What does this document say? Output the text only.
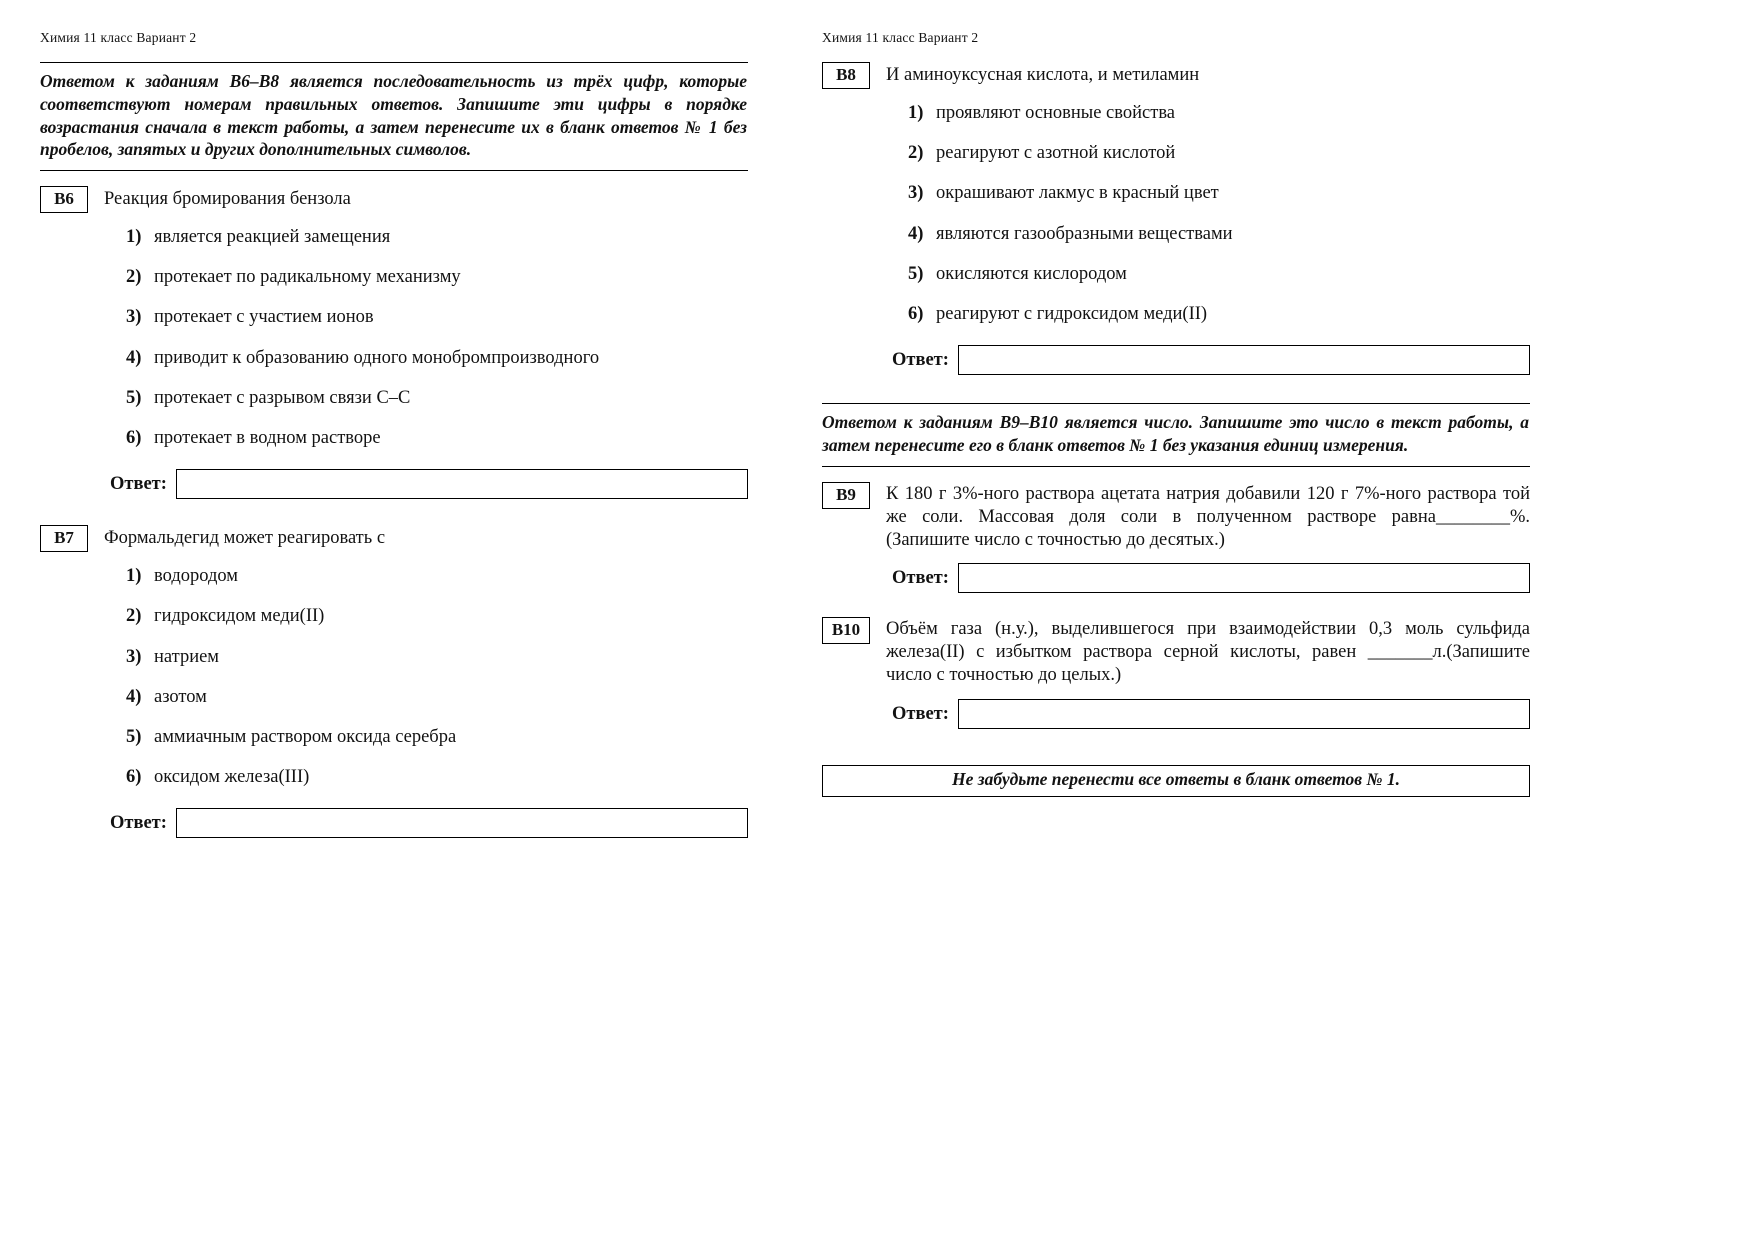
Химия 11 класс Вариант 2
Ответом к заданиям В6–В8 является последовательность из трёх цифр, которые соответствуют номерам правильных ответов. Запишите эти цифры в порядке возрастания сначала в текст работы, а затем перенесите их в бланк ответов № 1 без пробелов, запятых и других дополнительных символов.
В6	Реакция бромирования бензола
1) является реакцией замещения
2) протекает по радикальному механизму
3) протекает с участием ионов
4) приводит к образованию одного монобромпроизводного
5) протекает с разрывом связи С–С
6) протекает в водном растворе
Ответ:
В7	Формальдегид может реагировать с
1) водородом
2) гидроксидом меди(II)
3) натрием
4) азотом
5) аммиачным раствором оксида серебра
6) оксидом железа(III)
Ответ:
Химия 11 класс Вариант 2
В8	И аминоуксусная кислота, и метиламин
1) проявляют основные свойства
2) реагируют с азотной кислотой
3) окрашивают лакмус в красный цвет
4) являются газообразными веществами
5) окисляются кислородом
6) реагируют с гидроксидом меди(II)
Ответ:
Ответом к заданиям В9–В10 является число. Запишите это число в текст работы, а затем перенесите его в бланк ответов № 1 без указания единиц измерения.
В9	К 180 г 3%-ного раствора ацетата натрия добавили 120 г 7%-ного раствора той же соли. Массовая доля соли в полученном растворе равна________%. (Запишите число с точностью до десятых.)
Ответ:
В10	Объём газа (н.у.), выделившегося при взаимодействии 0,3 моль сульфида железа(II) с избытком раствора серной кислоты, равен _______л.(Запишите число с точностью до целых.)
Ответ:
Не забудьте перенести все ответы в бланк ответов № 1.
